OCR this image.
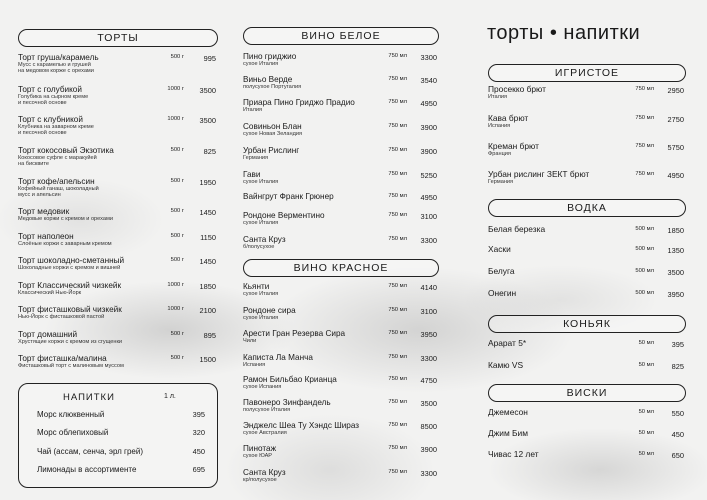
ТОРТЫ
Торт груша/карамель
Мусс с карамелью и грушей
на медовом корже с орехами
500 г	995
Торт с голубикой
Голубика на сырном креме
и песочной основе
1000 г	3500
Торт с клубникой
Клубника на заварном креме
и песочной основе
1000 г	3500
Торт кокосовый Экзотика
Кокосовое суфле с маракуйей
на бисквите
500 г	825
Торт кофе/апельсин
Кофейный ганаш, шоколадный
мусс и апельсин
500 г	1950
Торт медовик
Медовые коржи с кремом и орехами
500 г	1450
Торт наполеон
Слоёные коржи с заварным кремом
500 г	1150
Торт шоколадно-сметанный
Шоколадные коржи с кремом и вишней
500 г	1450
Торт Классический чизкейк
Классический Нью-Йорк
1000 г	1850
Торт фисташковый чизкейк
Нью-Йорк с фисташковой пастой
1000 г	2100
Торт домашний
Хрустящие коржи с кремом из сгущенки
500 г	895
Торт фисташка/малина
Фисташковый торт с малиновым муссом
500 г	1500
НАПИТКИ	1 л.
Морс клюквенный	395
Морс облепиховый	320
Чай (ассам, сенча, эрл грей)	450
Лимонады в ассортименте	695
ВИНО БЕЛОЕ
Пино гриджио
сухое Италия
750 мл	3300
Виньо Верде
полусухое Португалия
750 мл	3540
Приара Пино Гриджо Прадио
Италия
750 мл	4950
Совиньон Блан
сухое Новая Зеландия
750 мл	3900
Урбан Рислинг
Германия
750 мл	3900
Гави
сухое Италия
750 мл	5250
Вайнгрут Франк Грюнер	750 мл	4950
Рондоне Верментино
сухое Италия
750 мл	3100
Санта Круз
б/полусухое
750 мл	3300
ВИНО КРАСНОЕ
Кьянти
сухое Италия
750 мл	4140
Рондоне сира
сухое Италия
750 мл	3100
Арести Гран Резерва Сира
Чили
750 мл	3950
Каписта Ла Манча
Испания
750 мл	3300
Рамон Бильбао Крианца
сухое Испания
750 мл	4750
Павонеро Зинфандель
полусухое Италия
750 мл	3500
Энджелс Шеа Ту Хэндс Шираз
сухое Австралия
750 мл	8500
Пинотаж
сухое ЮАР
750 мл	3900
Санта Круз
кр/полусухое
750 мл	3300
торты • напитки
ИГРИСТОЕ
Просекко брют
Италия
750 мл	2950
Кава брют
Испания
750 мл	2750
Креман брют
Франция
750 мл	5750
Урбан рислинг ЗЕКТ брют
Германия
750 мл	4950
ВОДКА
Белая березка	500 мл	1850
Хаски	500 мл	1350
Белуга	500 мл	3500
Онегин	500 мл	3950
КОНЬЯК
Арарат 5*	50 мл	395
Камю VS	50 мл	825
ВИСКИ
Джемесон	50 мл	550
Джим Бим	50 мл	450
Чивас 12 лет	50 мл	650
